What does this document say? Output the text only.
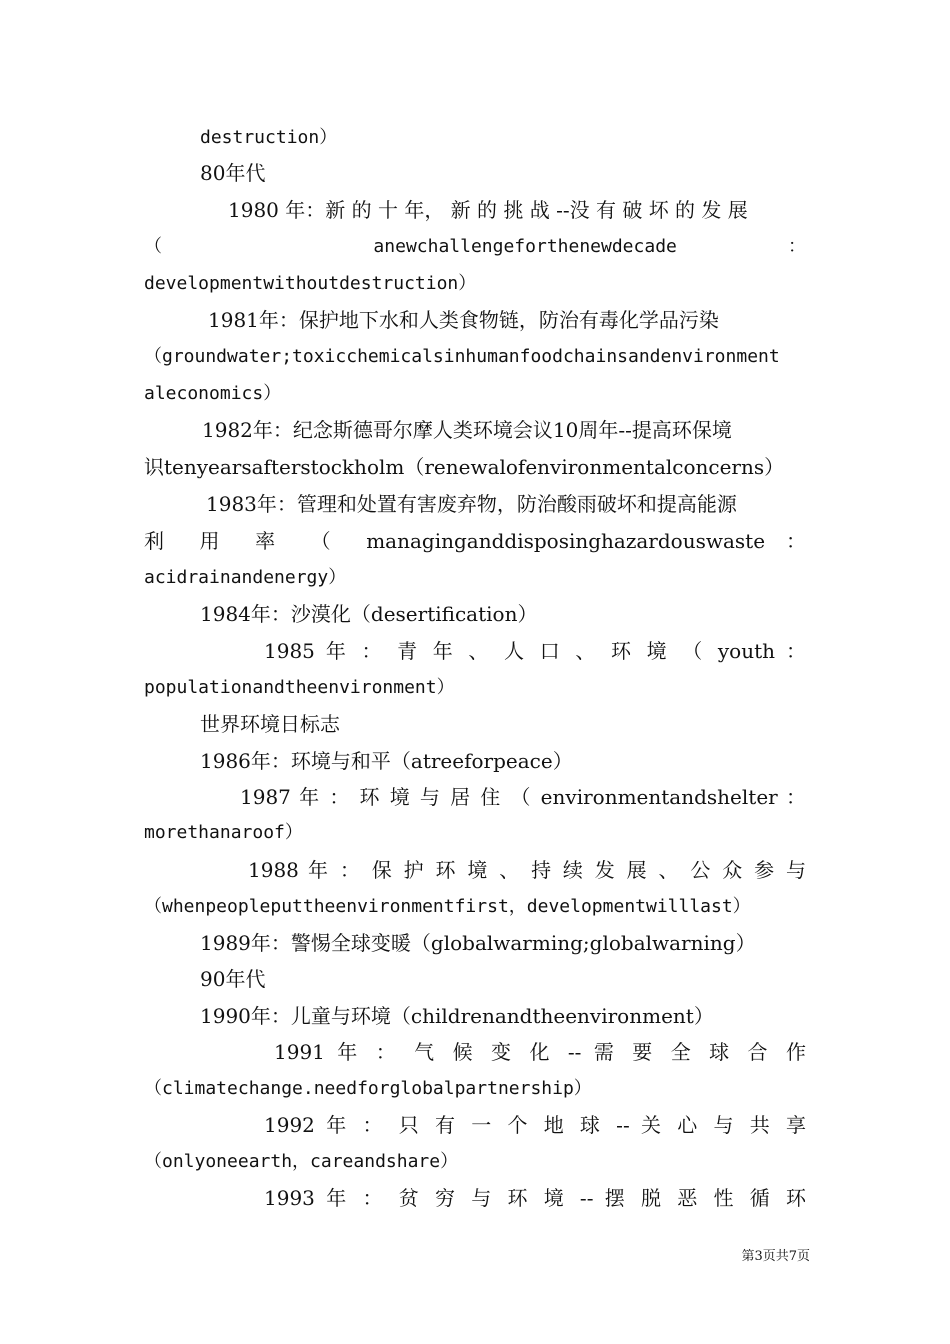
destruction）
80年代
1980 年：新 的 十 年， 新 的 挑 战 --没 有 破 坏 的 发 展
（ anewchallengeforthenewdecade ：
developmentwithoutdestruction）
1981年：保护地下水和人类食物链，防治有毒化学品污染
（groundwater;toxicchemicalsinhumanfoodchainsandenvironment
aleconomics）
1982年：纪念斯德哥尔摩人类环境会议10周年--提高环保境
识tenyearsafterstockholm（renewalofenvironmentalconcerns）
1983年：管理和处置有害废弃物，防治酸雨破坏和提高能源
利 用 率 （ managinganddisposinghazardouswaste ：
acidrainandenergy）
1984年：沙漠化（desertification）
1985 年 ： 青 年 、 人 口 、 环 境 （ youth ：
populationandtheenvironment）
世界环境日标志
1986年：环境与和平（atreeforpeace）
1987 年 ： 环 境 与 居 住 （ environmentandshelter ：
morethanaroof）
1988 年 ： 保 护 环 境 、 持 续 发 展 、 公 众 参 与
（whenpeopleputtheenvironmentfirst，developmentwilllast）
1989年：警惕全球变暖（globalwarming;globalwarning）
90年代
1990年：儿童与环境（childrenandtheenvironment）
1991 年 ： 气 候 变 化 -- 需 要 全 球 合 作
（climatechange.needforglobalpartnership）
1992 年 ： 只 有 一 个 地 球 -- 关 心 与 共 享
（onlyoneearth，careandshare）
1993 年 ： 贫 穷 与 环 境 -- 摆 脱 恶 性 循 环
第3页共7页
